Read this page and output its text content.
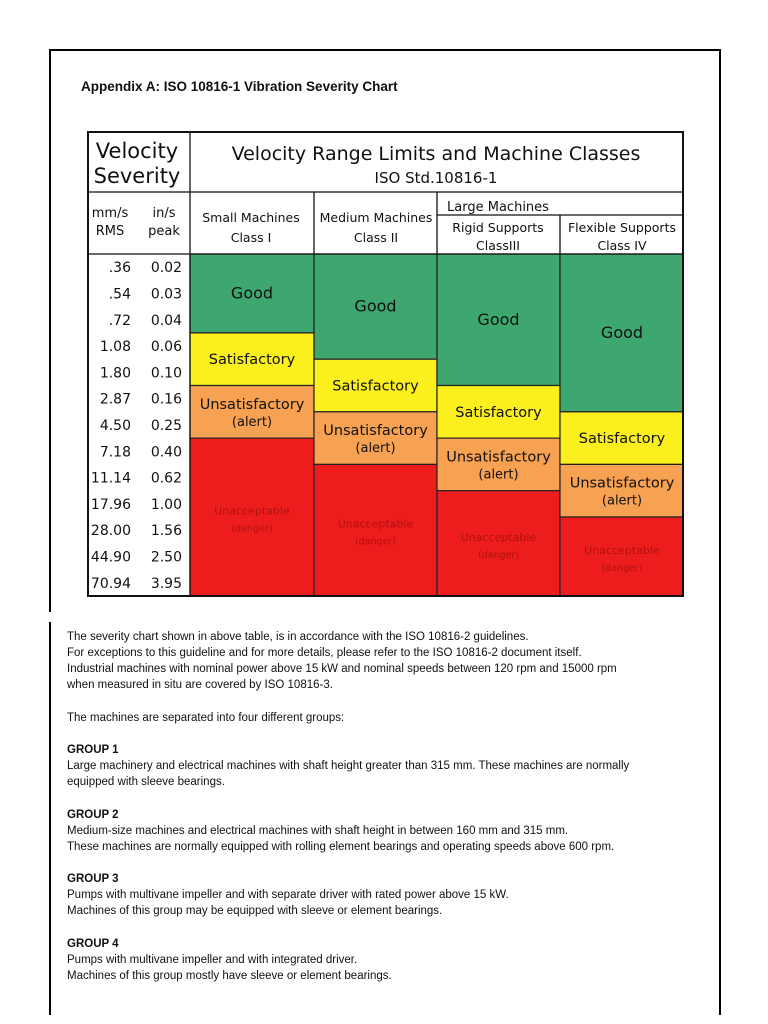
Appendix A: ISO 10816-1 Vibration Severity Chart
Velocity
Severity
Velocity Range Limits and Machine Classes
ISO Std.10816-1
mm/s
RMS
in/s
peak
Large Machines
Small Machines
Class I
Medium Machines
Class II
Rigid Supports
ClassIII
Flexible Supports
Class IV
Good
Satisfactory
Unsatisfactory
(alert)
Unacceptable
(danger)
Good
Satisfactory
Unsatisfactory
(alert)
Unacceptable
(danger)
Good
Satisfactory
Unsatisfactory
(alert)
Unacceptable
(danger)
Good
Satisfactory
Unsatisfactory
(alert)
Unacceptable
(danger)
.36 0.02
.54 0.03
.72 0.04
1.08 0.06
1.80 0.10
2.87 0.16
4.50 0.25
7.18 0.40
11.14 0.62
17.96 1.00
28.00 1.56
44.90 2.50
70.94 3.95

The severity chart shown in above table, is in accordance with the ISO 10816-2 guidelines.

For exceptions to this guideline and for more details, please refer to the ISO 10816-2 document itself.

Industrial machines with nominal power above 15 kW and nominal speeds between 120 rpm and 15000 rpm

when measured in situ are covered by ISO 10816-3.

The machines are separated into four different groups:

GROUP 1

Large machinery and electrical machines with shaft height greater than 315 mm. These machines are normally

equipped with sleeve bearings.

GROUP 2

Medium-size machines and electrical machines with shaft height in between 160 mm and 315 mm.

These machines are normally equipped with rolling element bearings and operating speeds above 600 rpm.

GROUP 3

Pumps with multivane impeller and with separate driver with rated power above 15 kW.

Machines of this group may be equipped with sleeve or element bearings.

GROUP 4

Pumps with multivane impeller and with integrated driver.

Machines of this group mostly have sleeve or element bearings.
